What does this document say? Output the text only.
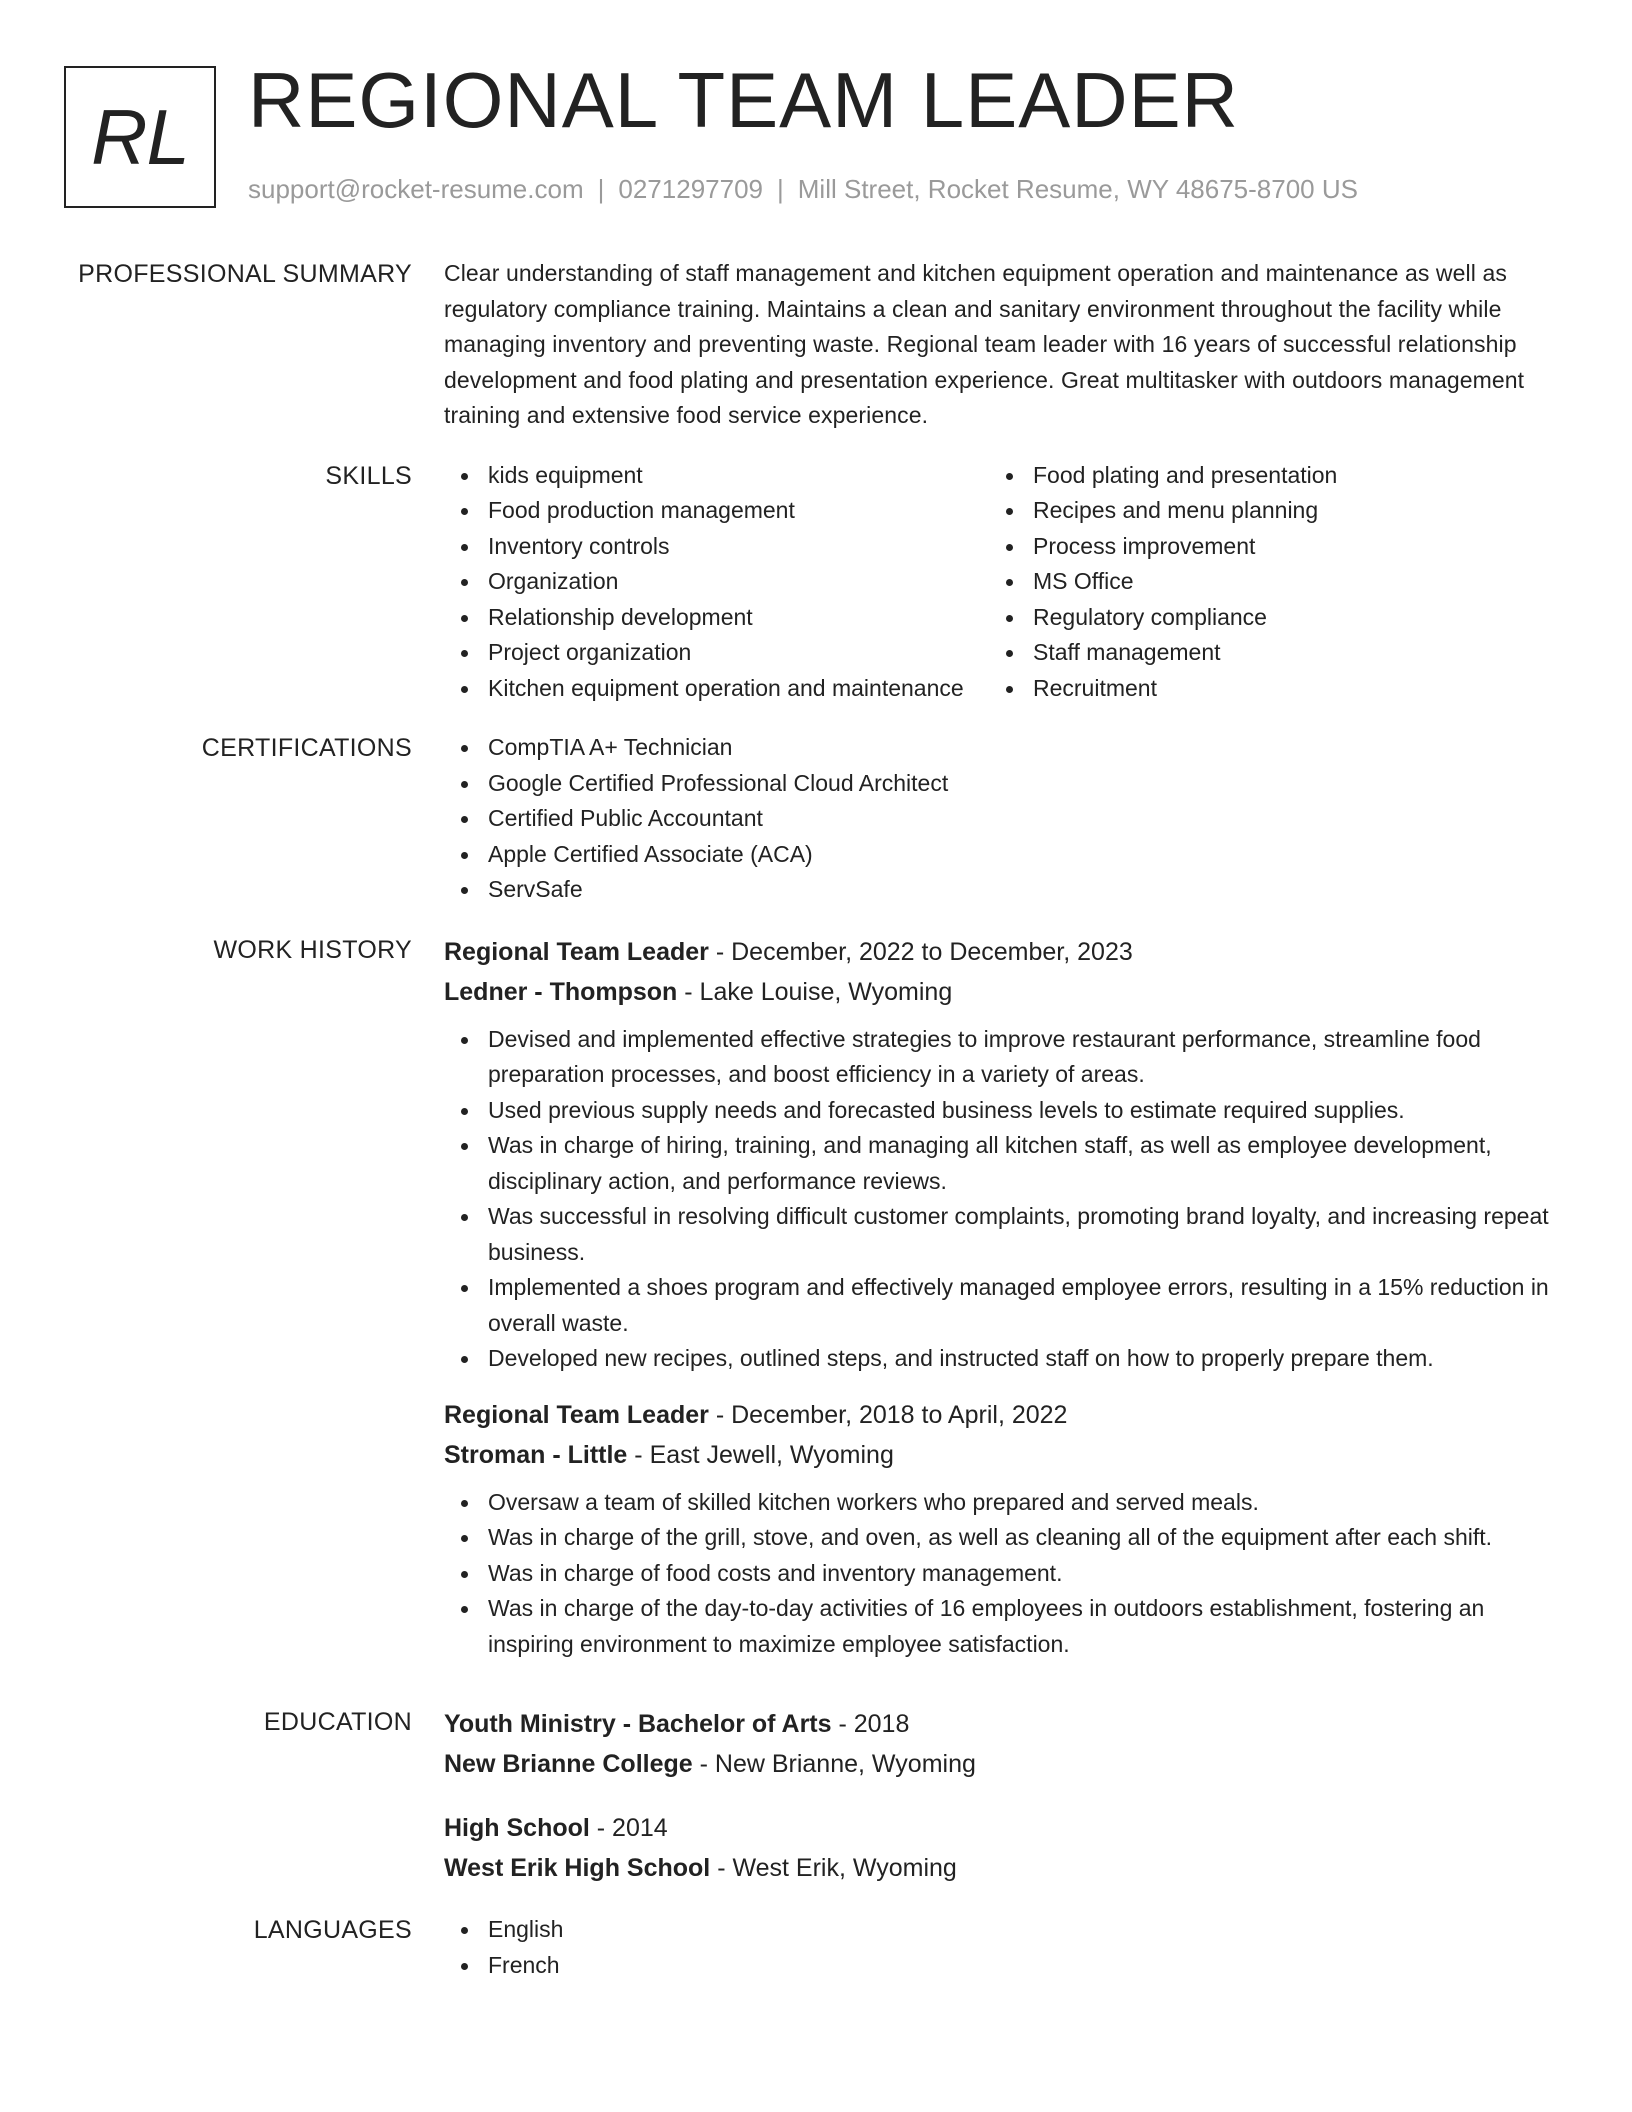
RL REGIONAL TEAM LEADER
support@rocket-resume.com | 0271297709 | Mill Street, Rocket Resume, WY 48675-8700 US
PROFESSIONAL SUMMARY Clear understanding of staff management and kitchen equipment operation and maintenance as well as regulatory compliance training. Maintains a clean and sanitary environment throughout the facility while managing inventory and preventing waste. Regional team leader with 16 years of successful relationship development and food plating and presentation experience. Great multitasker with outdoors management training and extensive food service experience.

SKILLS	kids equipment
Food production management
Inventory controls
Organization
Relationship development
Project organization
Kitchen equipment operation and maintenance
Food plating and presentation
Recipes and menu planning
Process improvement
MS Office
Regulatory compliance
Staff management
Recruitment
CERTIFICATIONS	CompTIA A+ Technician
Google Certified Professional Cloud Architect
Certified Public Accountant
Apple Certified Associate (ACA)
ServSafe
WORK HISTORY Regional Team Leader - December, 2022 to December, 2023
Ledner - Thompson - Lake Louise, Wyoming
Devised and implemented effective strategies to improve restaurant performance, streamline food preparation processes, and boost efficiency in a variety of areas.
Used previous supply needs and forecasted business levels to estimate required supplies.
Was in charge of hiring, training, and managing all kitchen staff, as well as employee development, disciplinary action, and performance reviews.
Was successful in resolving difficult customer complaints, promoting brand loyalty, and increasing repeat business.
Implemented a shoes program and effectively managed employee errors, resulting in a 15% reduction in overall waste.
Developed new recipes, outlined steps, and instructed staff on how to properly prepare them.
Regional Team Leader - December, 2018 to April, 2022
Stroman - Little - East Jewell, Wyoming
Oversaw a team of skilled kitchen workers who prepared and served meals.
Was in charge of the grill, stove, and oven, as well as cleaning all of the equipment after each shift.
Was in charge of food costs and inventory management.
Was in charge of the day-to-day activities of 16 employees in outdoors establishment, fostering an inspiring environment to maximize employee satisfaction.
EDUCATION Youth Ministry - Bachelor of Arts - 2018
New Brianne College - New Brianne, Wyoming
High School - 2014
West Erik High School - West Erik, Wyoming
LANGUAGES	English
French
